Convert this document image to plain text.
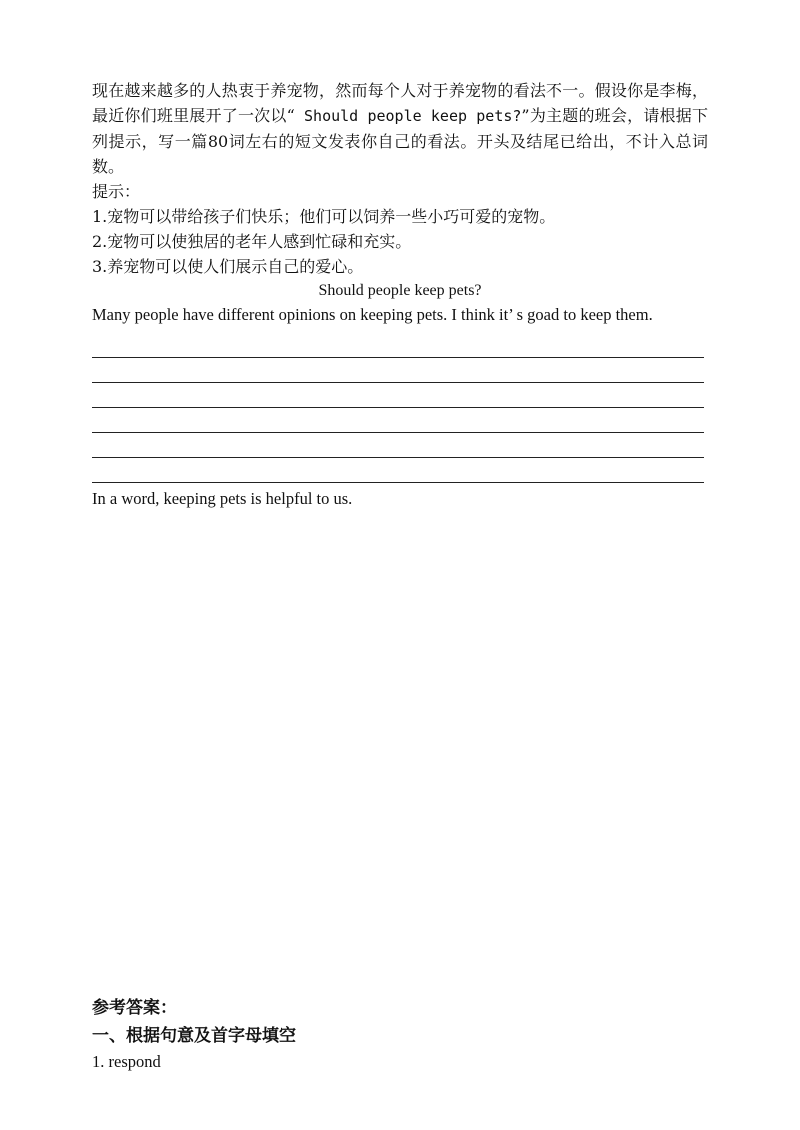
现在越来越多的人热衷于养宠物，然而每个人对于养宠物的看法不一。假设你是李梅，最近你们班里展开了一次以“ Should people keep pets?”为主题的班会，请根据下列提示，写一篇80词左右的短文发表你自己的看法。开头及结尾已给出，不计入总词数。

提示：

1.宠物可以带给孩子们快乐；他们可以饲养一些小巧可爱的宠物。

2.宠物可以使独居的老年人感到忙碌和充实。

3.养宠物可以使人们展示自己的爱心。

Should people keep pets?

Many people have different opinions on keeping pets. I think it’ s goad to keep them.

In a word, keeping pets is helpful to us.

参考答案：

一、根据句意及首字母填空

1. respond
